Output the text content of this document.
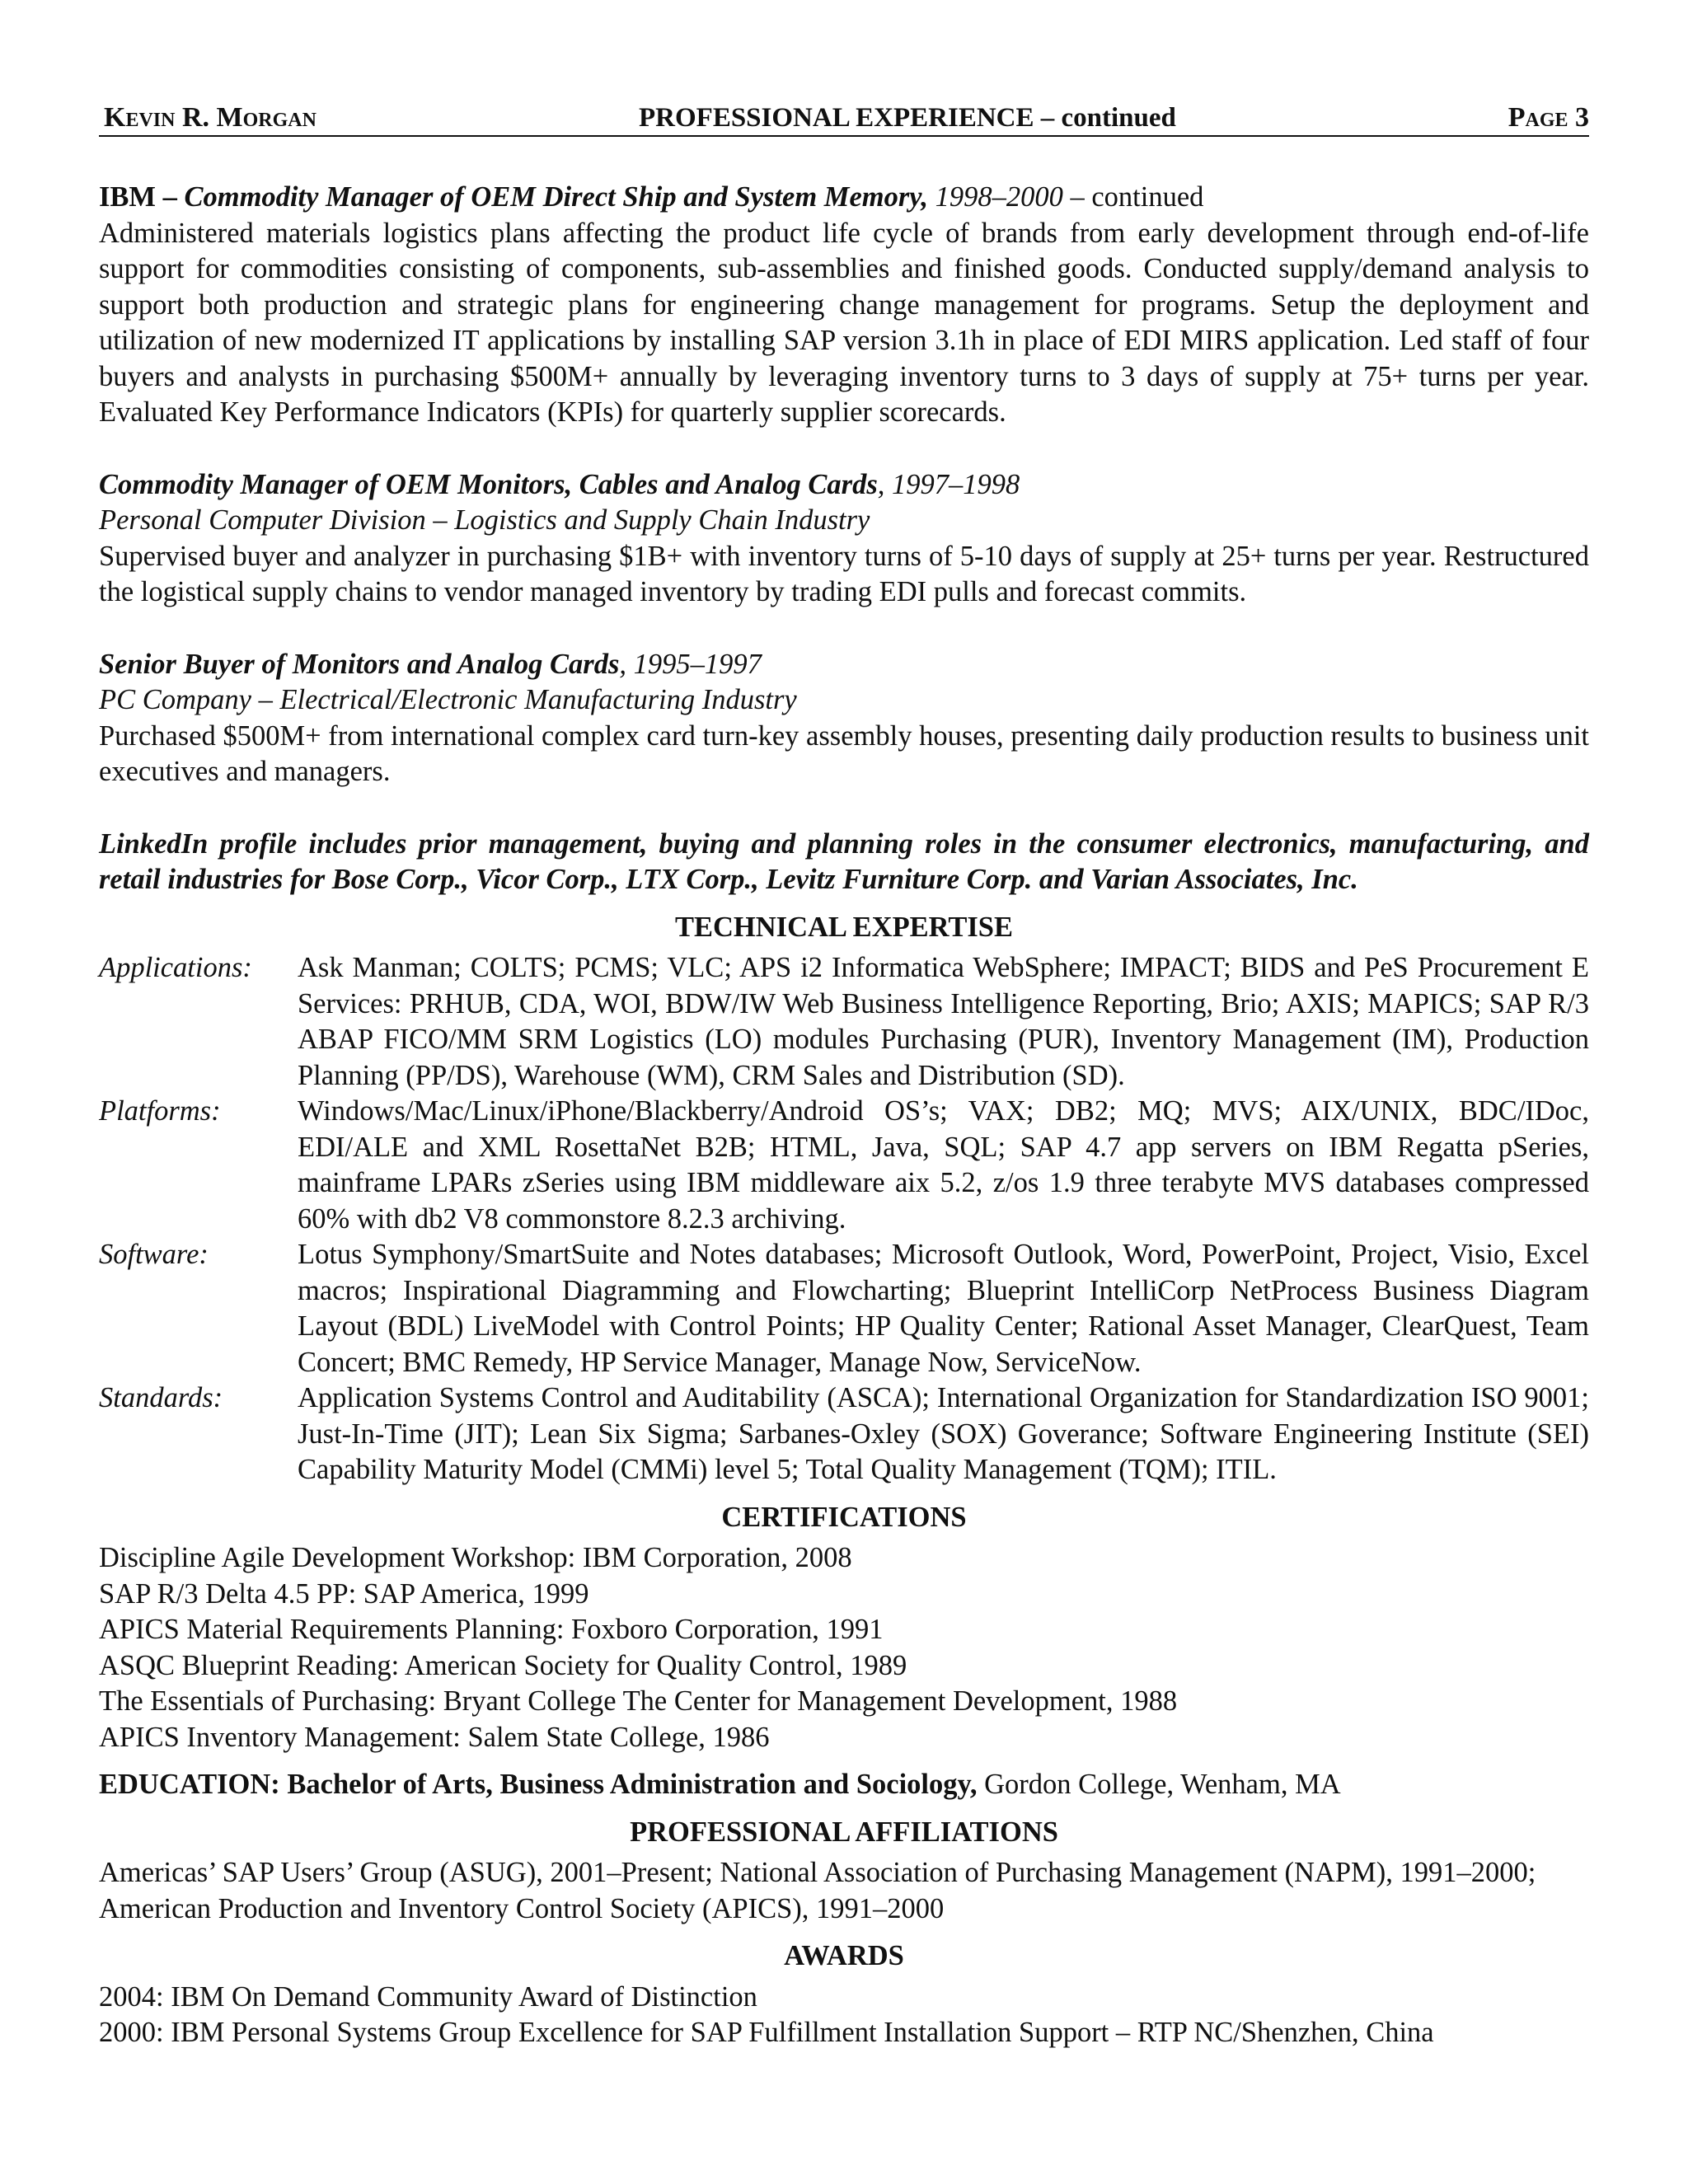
Kevin R. Morgan	PROFESSIONAL EXPERIENCE – continued	Page 3

IBM – Commodity Manager of OEM Direct Ship and System Memory, 1998–2000 – continued

Administered materials logistics plans affecting the product life cycle of brands from early development through end-of-life support for commodities consisting of components, sub-assemblies and finished goods. Conducted supply/demand analysis to support both production and strategic plans for engineering change management for programs. Setup the deployment and utilization of new modernized IT applications by installing SAP version 3.1h in place of EDI MIRS application. Led staff of four buyers and analysts in purchasing $500M+ annually by leveraging inventory turns to 3 days of supply at 75+ turns per year. Evaluated Key Performance Indicators (KPIs) for quarterly supplier scorecards.

Commodity Manager of OEM Monitors, Cables and Analog Cards, 1997–1998

Personal Computer Division – Logistics and Supply Chain Industry

Supervised buyer and analyzer in purchasing $1B+ with inventory turns of 5-10 days of supply at 25+ turns per year. Restructured the logistical supply chains to vendor managed inventory by trading EDI pulls and forecast commits.

Senior Buyer of Monitors and Analog Cards, 1995–1997

PC Company – Electrical/Electronic Manufacturing Industry

Purchased $500M+ from international complex card turn-key assembly houses, presenting daily production results to business unit executives and managers.

LinkedIn profile includes prior management, buying and planning roles in the consumer electronics, manufacturing, and retail industries for Bose Corp., Vicor Corp., LTX Corp., Levitz Furniture Corp. and Varian Associates, Inc.

TECHNICAL EXPERTISE
Applications:	Ask Manman; COLTS; PCMS; VLC; APS i2 Informatica WebSphere; IMPACT; BIDS and PeS Procurement E Services: PRHUB, CDA, WOI, BDW/IW Web Business Intelligence Reporting, Brio; AXIS; MAPICS; SAP R/3 ABAP FICO/MM SRM Logistics (LO) modules Purchasing (PUR), Inventory Management (IM), Production Planning (PP/DS), Warehouse (WM), CRM Sales and Distribution (SD).
Platforms:	Windows/Mac/Linux/iPhone/Blackberry/Android OS’s; VAX; DB2; MQ; MVS; AIX/UNIX, BDC/IDoc, EDI/ALE and XML RosettaNet B2B; HTML, Java, SQL; SAP 4.7 app servers on IBM Regatta pSeries, mainframe LPARs zSeries using IBM middleware aix 5.2, z/os 1.9 three terabyte MVS databases compressed 60% with db2 V8 commonstore 8.2.3 archiving.
Software:	Lotus Symphony/SmartSuite and Notes databases; Microsoft Outlook, Word, PowerPoint, Project, Visio, Excel macros; Inspirational Diagramming and Flowcharting; Blueprint IntelliCorp NetProcess Business Diagram Layout (BDL) LiveModel with Control Points; HP Quality Center; Rational Asset Manager, ClearQuest, Team Concert; BMC Remedy, HP Service Manager, Manage Now, ServiceNow.
Standards:	Application Systems Control and Auditability (ASCA); International Organization for Standardization ISO 9001; Just-In-Time (JIT); Lean Six Sigma; Sarbanes-Oxley (SOX) Goverance; Software Engineering Institute (SEI) Capability Maturity Model (CMMi) level 5; Total Quality Management (TQM); ITIL.
CERTIFICATIONS

Discipline Agile Development Workshop: IBM Corporation, 2008

SAP R/3 Delta 4.5 PP: SAP America, 1999

APICS Material Requirements Planning: Foxboro Corporation, 1991

ASQC Blueprint Reading: American Society for Quality Control, 1989

The Essentials of Purchasing: Bryant College The Center for Management Development, 1988

APICS Inventory Management: Salem State College, 1986

EDUCATION: Bachelor of Arts, Business Administration and Sociology, Gordon College, Wenham, MA

PROFESSIONAL AFFILIATIONS

Americas’ SAP Users’ Group (ASUG), 2001–Present; National Association of Purchasing Management (NAPM), 1991–2000; American Production and Inventory Control Society (APICS), 1991–2000

AWARDS

2004: IBM On Demand Community Award of Distinction

2000: IBM Personal Systems Group Excellence for SAP Fulfillment Installation Support – RTP NC/Shenzhen, China
